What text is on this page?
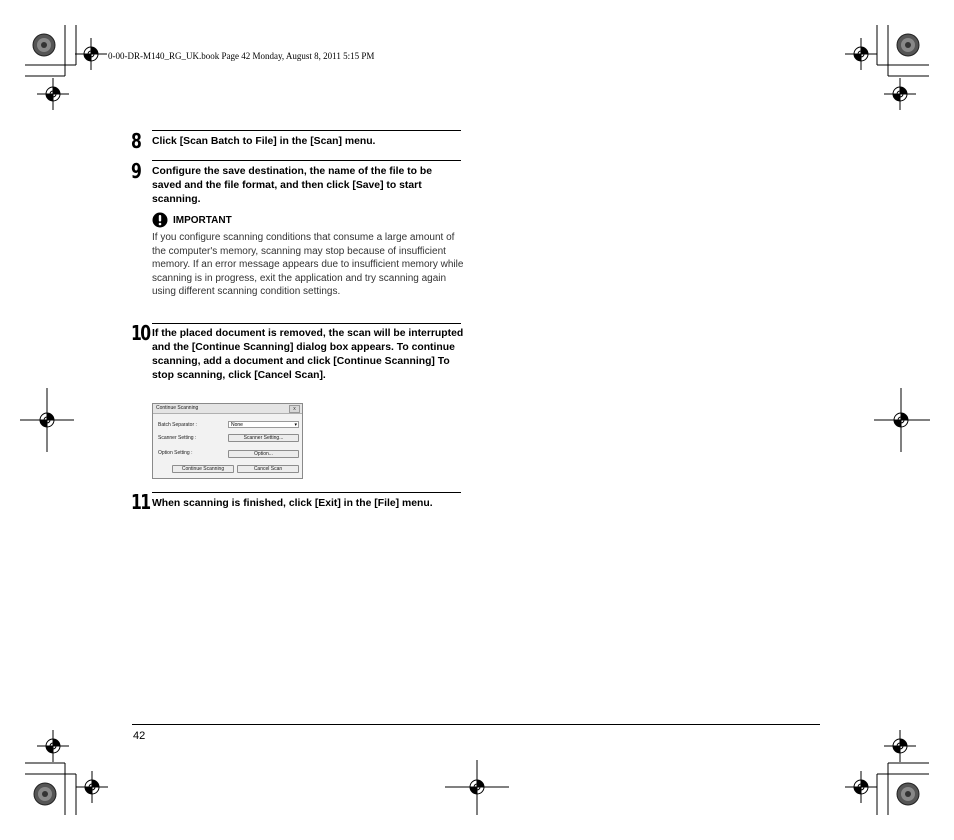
0-00-DR-M140_RG_UK.book Page 42 Monday, August 8, 2011 5:15 PM
8 Click [Scan Batch to File] in the [Scan] menu.
9 Configure the save destination, the name of the file to be saved and the file format, and then click [Save] to start scanning.
IMPORTANT
If you configure scanning conditions that consume a large amount of the computer's memory, scanning may stop because of insufficient memory. If an error message appears due to insufficient memory while scanning is in progress, exit the application and try scanning again using different scanning condition settings.
10 If the placed document is removed, the scan will be interrupted and the [Continue Scanning] dialog box appears. To continue scanning, add a document and click [Continue Scanning] To stop scanning, click [Cancel Scan].
Continue Scanning	x
Batch Separator :	None	▾
Scanner Setting :	Scanner Setting...
Option Setting :	Option...
Continue Scanning	Cancel Scan
11 When scanning is finished, click [Exit] in the [File] menu.
42
